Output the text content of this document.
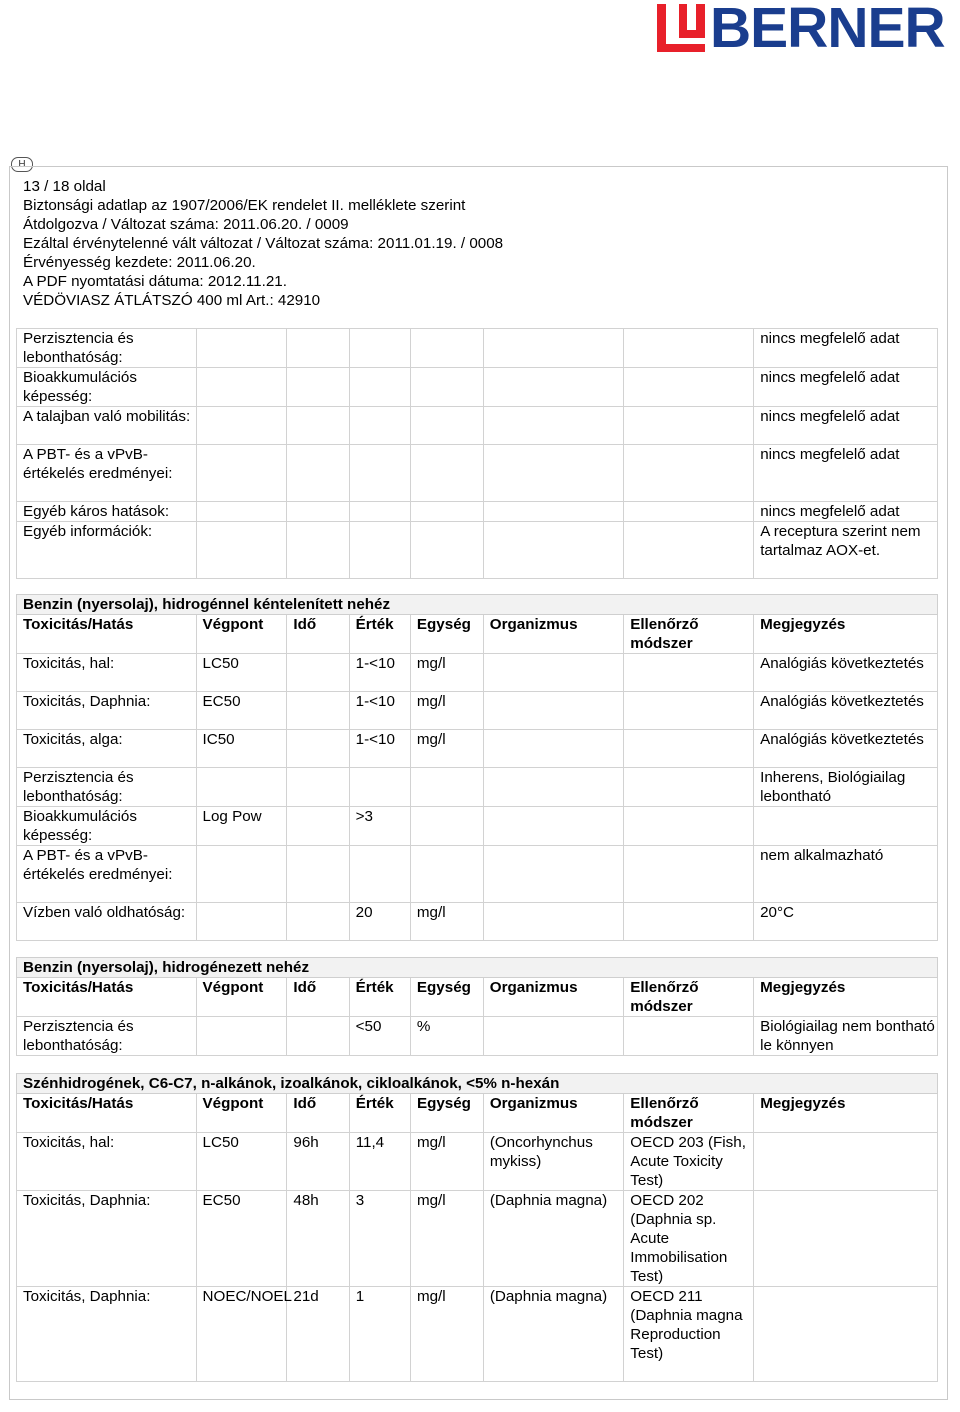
BERNER
H
13 / 18 oldal
Biztonsági adatlap az 1907/2006/EK rendelet II. melléklete szerint
Átdolgozva / Változat száma: 2011.06.20. / 0009
Ezáltal érvénytelenné vált változat / Változat száma: 2011.01.19. / 0008
Érvényesség kezdete: 2011.06.20.
A PDF nyomtatási dátuma: 2012.11.21.
VÉDÖVIASZ ÁTLÁTSZÓ 400 ml Art.: 42910
Perzisztencia és lebonthatóság:							nincs megfelelő adat
Bioakkumulációs képesség:							nincs megfelelő adat
A talajban való mobilitás:							nincs megfelelő adat
A PBT- és a vPvB-értékelés eredményei:							nincs megfelelő adat
Egyéb káros hatások:							nincs megfelelő adat
Egyéb információk:							A receptura szerint nem tartalmaz AOX-et.
Benzin (nyersolaj), hidrogénnel kéntelenített nehéz							
Toxicitás/Hatás	Végpont	Idő	Érték	Egység	Organizmus	Ellenőrző módszer	Megjegyzés
Toxicitás, hal:	LC50		1-<10	mg/l			Analógiás következtetés
Toxicitás, Daphnia:	EC50		1-<10	mg/l			Analógiás következtetés
Toxicitás, alga:	IC50		1-<10	mg/l			Analógiás következtetés
Perzisztencia és lebonthatóság:							Inherens, Biológiailag lebontható
Bioakkumulációs képesség:	Log Pow		>3				
A PBT- és a vPvB-értékelés eredményei:							nem alkalmazható
Vízben való oldhatóság:			20	mg/l			20°C
Benzin (nyersolaj), hidrogénezett nehéz							
Toxicitás/Hatás	Végpont	Idő	Érték	Egység	Organizmus	Ellenőrző módszer	Megjegyzés
Perzisztencia és lebonthatóság:			<50	%			Biológiailag nem bontható le könnyen
Szénhidrogének, C6-C7, n-alkánok, izoalkánok, cikloalkánok, <5% n-hexán							
Toxicitás/Hatás	Végpont	Idő	Érték	Egység	Organizmus	Ellenőrző módszer	Megjegyzés
Toxicitás, hal:	LC50	96h	11,4	mg/l	(Oncorhynchus mykiss)	OECD 203 (Fish, Acute Toxicity Test)	
Toxicitás, Daphnia:	EC50	48h	3	mg/l	(Daphnia magna)	OECD 202 (Daphnia sp. Acute Immobilisation Test)	
Toxicitás, Daphnia:	NOEC/NOEL	21d	1	mg/l	(Daphnia magna)	OECD 211 (Daphnia magna Reproduction Test)	
